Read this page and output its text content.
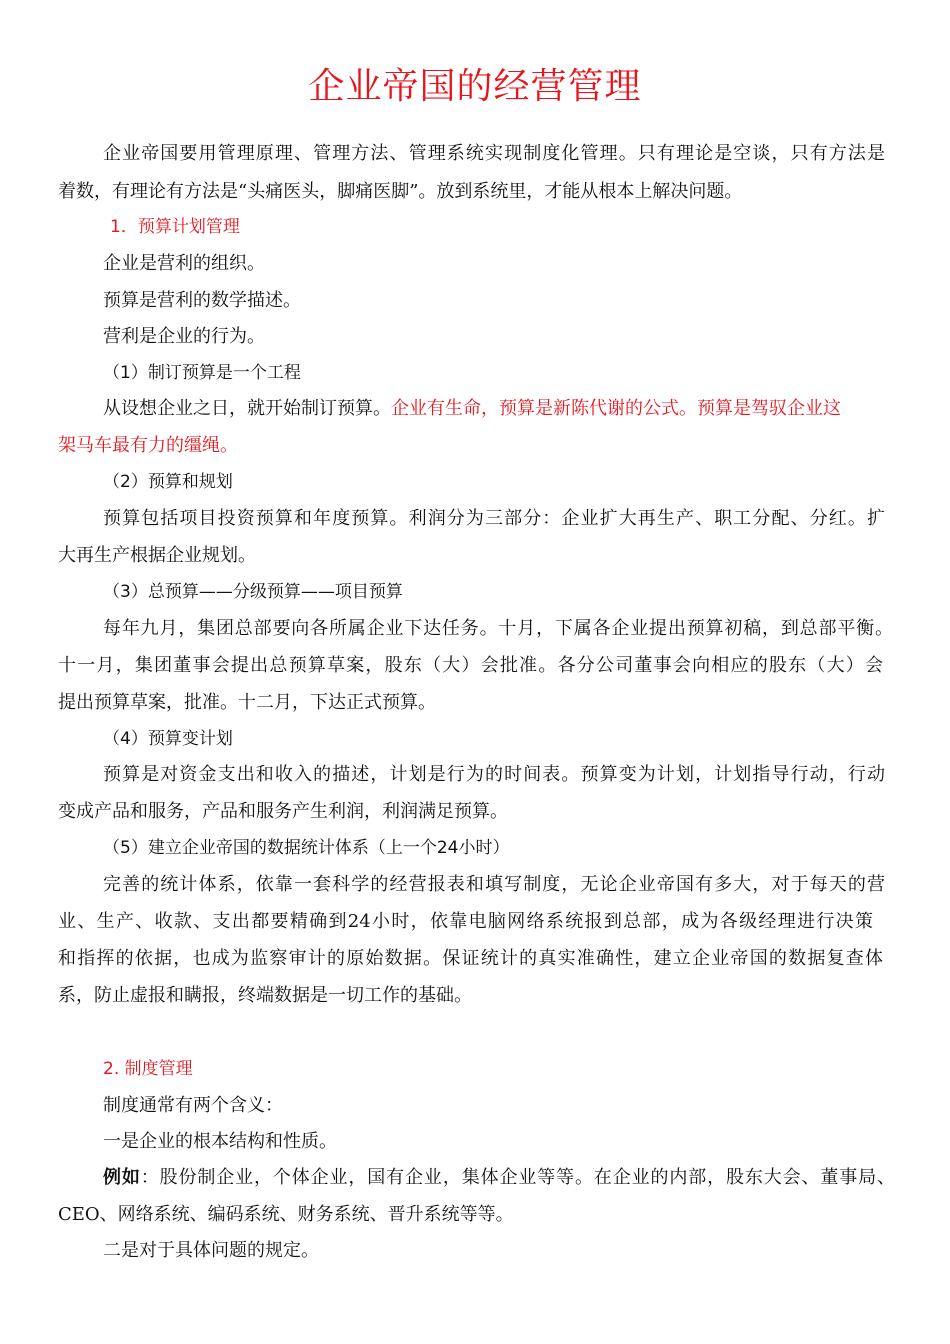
企业帝国的经营管理
企业帝国要用管理原理、管理方法、管理系统实现制度化管理。只有理论是空谈，只有方法是
着数，有理论有方法是“头痛医头，脚痛医脚”。放到系统里，才能从根本上解决问题。
1．预算计划管理
企业是营利的组织。
预算是营利的数学描述。
营利是企业的行为。
（1）制订预算是一个工程
从设想企业之日，就开始制订预算。企业有生命，预算是新陈代谢的公式。预算是驾驭企业这
架马车最有力的缰绳。
（2）预算和规划
预算包括项目投资预算和年度预算。利润分为三部分：企业扩大再生产、职工分配、分红。扩
大再生产根据企业规划。
（3）总预算——分级预算——项目预算
每年九月，集团总部要向各所属企业下达任务。十月，下属各企业提出预算初稿，到总部平衡。
十一月，集团董事会提出总预算草案，股东（大）会批准。各分公司董事会向相应的股东（大）会
提出预算草案，批准。十二月，下达正式预算。
（4）预算变计划
预算是对资金支出和收入的描述，计划是行为的时间表。预算变为计划，计划指导行动，行动
变成产品和服务，产品和服务产生利润，利润满足预算。
（5）建立企业帝国的数据统计体系（上一个24小时）
完善的统计体系，依靠一套科学的经营报表和填写制度，无论企业帝国有多大，对于每天的营
业、生产、收款、支出都要精确到24小时，依靠电脑网络系统报到总部，成为各级经理进行决策
和指挥的依据，也成为监察审计的原始数据。保证统计的真实准确性，建立企业帝国的数据复查体
系，防止虚报和瞒报，终端数据是一切工作的基础。
2. 制度管理
制度通常有两个含义：
一是企业的根本结构和性质。
例如：股份制企业，个体企业，国有企业，集体企业等等。在企业的内部，股东大会、董事局、
CEO、网络系统、编码系统、财务系统、晋升系统等等。
二是对于具体问题的规定。
